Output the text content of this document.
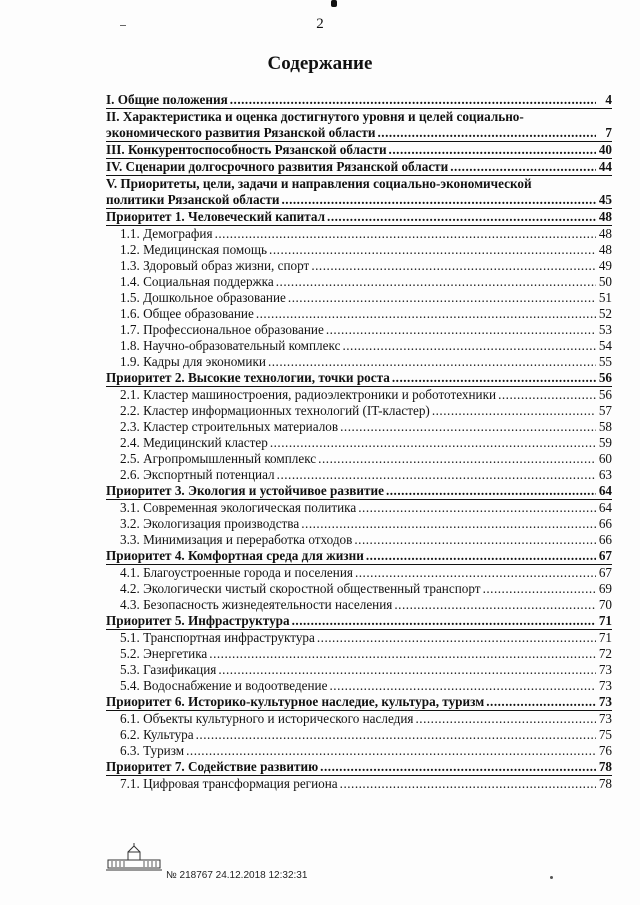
2
Содержание
I. Общие положения .....	4
II. Характеристика и оценка достигнутого уровня и целей социально-
экономического развития Рязанской области .....	7
III. Конкурентоспособность Рязанской области .....	40
IV. Сценарии долгосрочного развития Рязанской области .....	44
V. Приоритеты, цели, задачи и направления социально-экономической
политики Рязанской области .....	45
Приоритет 1. Человеческий капитал .....	48
1.1. Демография .....	48
1.2. Медицинская помощь .....	48
1.3. Здоровый образ жизни, спорт .....	49
1.4. Социальная поддержка .....	50
1.5. Дошкольное образование .....	51
1.6. Общее образование .....	52
1.7. Профессиональное образование .....	53
1.8. Научно-образовательный комплекс .....	54
1.9. Кадры для экономики .....	55
Приоритет 2. Высокие технологии, точки роста .....	56
2.1. Кластер машиностроения, радиоэлектроники и робототехники .....	56
2.2. Кластер информационных технологий (IT-кластер) .....	57
2.3. Кластер строительных материалов .....	58
2.4. Медицинский кластер .....	59
2.5. Агропромышленный комплекс .....	60
2.6. Экспортный потенциал .....	63
Приоритет 3. Экология и устойчивое развитие .....	64
3.1. Современная экологическая политика .....	64
3.2. Экологизация производства .....	66
3.3. Минимизация и переработка отходов .....	66
Приоритет 4. Комфортная среда для жизни .....	67
4.1. Благоустроенные города и поселения .....	67
4.2. Экологически чистый скоростной общественный транспорт .....	69
4.3. Безопасность жизнедеятельности населения .....	70
Приоритет 5. Инфраструктура .....	71
5.1. Транспортная инфраструктура .....	71
5.2. Энергетика .....	72
5.3. Газификация .....	73
5.4. Водоснабжение и водоотведение .....	73
Приоритет 6. Историко-культурное наследие, культура, туризм .....	73
6.1. Объекты культурного и исторического наследия .....	73
6.2. Культура .....	75
6.3. Туризм .....	76
Приоритет 7. Содействие развитию .....	78
7.1. Цифровая трансформация региона .....	78
№ 218767 24.12.2018 12:32:31
